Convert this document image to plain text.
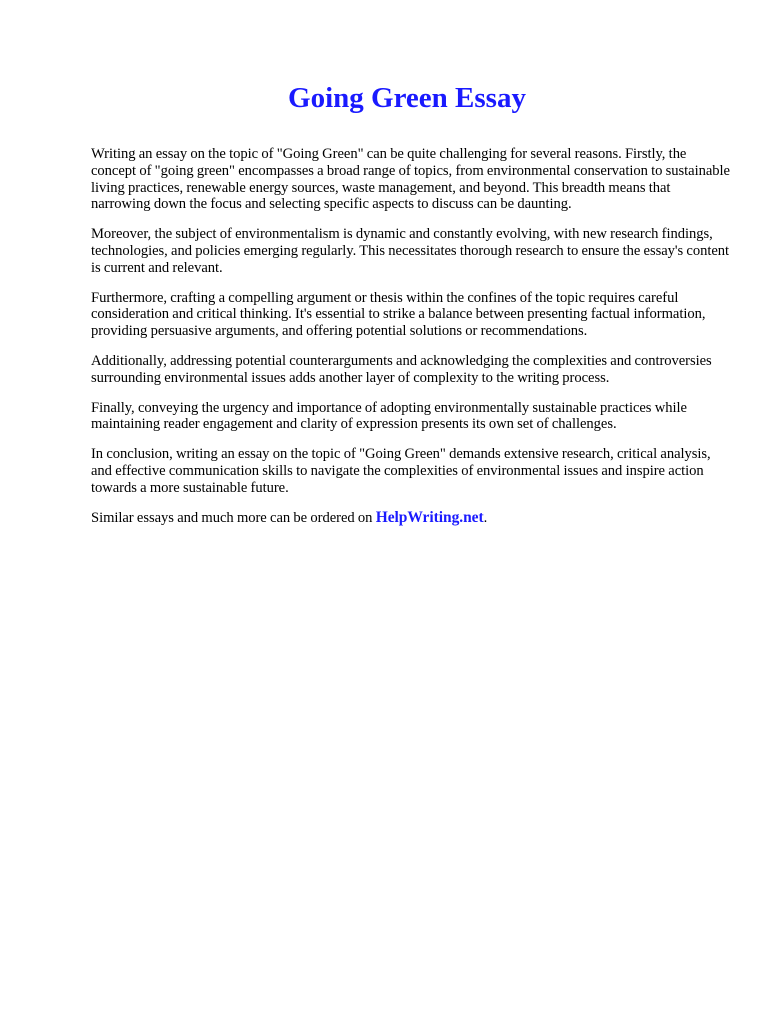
Going Green Essay

Writing an essay on the topic of "Going Green" can be quite challenging for several reasons. Firstly, the concept of "going green" encompasses a broad range of topics, from environmental conservation to sustainable living practices, renewable energy sources, waste management, and beyond. This breadth means that narrowing down the focus and selecting specific aspects to discuss can be daunting.

Moreover, the subject of environmentalism is dynamic and constantly evolving, with new research findings, technologies, and policies emerging regularly. This necessitates thorough research to ensure the essay's content is current and relevant.

Furthermore, crafting a compelling argument or thesis within the confines of the topic requires careful consideration and critical thinking. It's essential to strike a balance between presenting factual information, providing persuasive arguments, and offering potential solutions or recommendations.

Additionally, addressing potential counterarguments and acknowledging the complexities and controversies surrounding environmental issues adds another layer of complexity to the writing process.

Finally, conveying the urgency and importance of adopting environmentally sustainable practices while maintaining reader engagement and clarity of expression presents its own set of challenges.

In conclusion, writing an essay on the topic of "Going Green" demands extensive research, critical analysis, and effective communication skills to navigate the complexities of environmental issues and inspire action towards a more sustainable future.

Similar essays and much more can be ordered on HelpWriting.net.
